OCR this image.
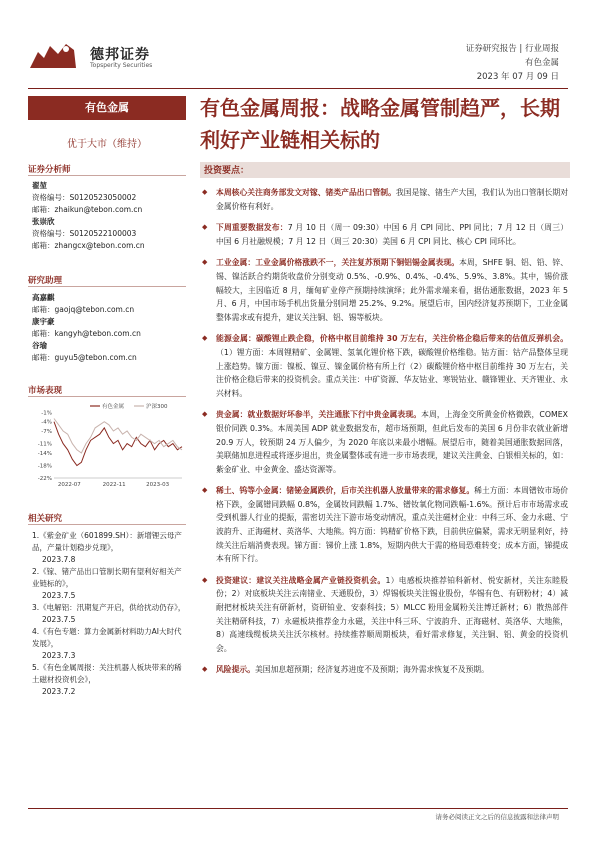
德邦证券
Topsperity Securities
证券研究报告 | 行业周报
有色金属
2023 年 07 月 09 日
有色金属
优于大市（维持）
证券分析师
翟堃
资格编号：S0120523050002
邮箱：zhaikun@tebon.com.cn
张崇欣
资格编号：S0120522100003
邮箱：zhangcx@tebon.com.cn
研究助理
高嘉麒
邮箱：gaojq@tebon.com.cn
康宇豪
邮箱：kangyh@tebon.com.cn
谷瑜
邮箱：guyu5@tebon.com.cn
市场表现
-1%
-4%
-7%
-11%
-14%
-18%
-22%
2022-07	2022-11	2023-03
有色金属	沪深300
相关研究
1.《紫金矿业（601899.SH）：新增锂云母产品，产量计划稳步兑现》，
2023.7.8
2.《镓、锗产品出口管制长期有望利好相关产业链标的》，
2023.7.5
3.《电解铝：汛期复产开启，供给扰动仍存》，
2023.7.5
4.《有色专题：算力金属新材料助力AI大时代发展》，
2023.7.3
5.《有色金属周报：关注机器人板块带来的稀土磁材投资机会》，
2023.7.2
有色金属周报：战略金属管制趋严，长期利好产业链相关标的
投资要点：
◆ 本周核心关注商务部发文对镓、锗类产品出口管制。我国是镓、锗生产大国，我们认为出口管制长期对金属价格有利好。
◆ 下周重要数据发布：7 月 10 日（周一 09:30）中国 6 月 CPI 同比、PPI 同比；7 月 12 日（周三）中国 6 月社融规模；7 月 12 日（周三 20:30）美国 6 月 CPI 同比、核心 CPI 同环比。
◆ 工业金属：工业金属价格涨跌不一，关注复苏预期下铜铝锡金属表现。本周，SHFE 铜、铝、铅、锌、锡、镍活跃合约期货收盘价分别变动 0.5%、-0.9%、0.4%、-0.4%、5.9%、3.8%。其中，锡价涨幅较大，主因临近 8 月，缅甸矿业停产预期持续演绎；此外需求端来看，据估通胀数据，2023 年 5 月、6 月，中国市场手机出货量分别同增 25.2%、9.2%。展望后市，国内经济复苏预期下，工业金属整体需求或有提升，建议关注铜、铝、锡等板块。
◆ 能源金属：碳酸锂止跌企稳，价格中枢目前维持 30 万左右，关注价格企稳后带来的估值反弹机会。（1）锂方面：本周锂精矿、金属锂、氢氧化锂价格下跌，碳酸锂价格维稳。钴方面：钴产品整体呈现上涨趋势。镍方面：镍板、镍豆、镍金属价格有所上行（2）碳酸锂价格中枢目前维持 30 万左右，关注价格企稳后带来的投资机会。重点关注：中矿资源、华友钴业、寒锐钴业、赣锋锂业、天齐锂业、永兴材料。
◆ 贵金属：就业数据好坏参半，关注通胀下行中贵金属表现。本周，上海金交所黄金价格微跌，COMEX 银价同跌 0.3%。本周美国 ADP 就业数据发布，超市场预期，但此后发布的美国 6 月份非农就业新增 20.9 万人，较预期 24 万人偏少，为 2020 年底以来最小增幅。展望后市，随着美国通胀数据回落，美联储加息进程或将逐步退出，贵金属整体或有进一步市场表现，建议关注黄金、白银相关标的，如：紫金矿业、中金黄金、盛达资源等。
◆ 稀土、钨等小金属：锗铋金属跌价，后市关注机器人放量带来的需求修复。稀土方面：本周镨钕市场价格下跌，金属镨同跌幅 0.8%，金属钕同跌幅 1.7%、镨钕氧化物同跌幅-1.6%。预计后市市场需求或受到机器人行业的提振，需密切关注下游市场变动情况，重点关注磁材企业：中科三环、金力永磁、宁波韵升、正海磁材、英洛华、大地熊。钨方面：钨精矿价格下跌，目前供应偏紧，需求无明显利好，持续关注后端消费表现。锑方面：锑价上涨 1.8%，短期内供大于需的格局恐难转变；成本方面，锑提成本有所下行。
◆ 投资建议：建议关注战略金属产业链投资机会。1）电感板块推荐铂科新材、悦安新材，关注东睦股份；2）对底板块关注云南锗业、天通股份，3）焊锡板块关注锡业股份，华锡有色、有研粉材；4）减耐把材板块关注有研新材，资研铂业、安泰科技；5）MLCC 粉用金属粉关注博迁新材；6）散热部件关注精研科技，7）永磁板块推荐金力永磁，关注中科三环、宁波韵升、正海磁材、英洛华、大地熊，8）高速线缆板块关注沃尔核材。持续推荐顺周期板块，看好需求修复，关注铜、铝、黄金的投资机会。
◆ 风险提示。美国加息超预期；经济复苏进度不及预期；海外需求恢复不及预期。
请务必阅读正文之后的信息披露和法律声明
